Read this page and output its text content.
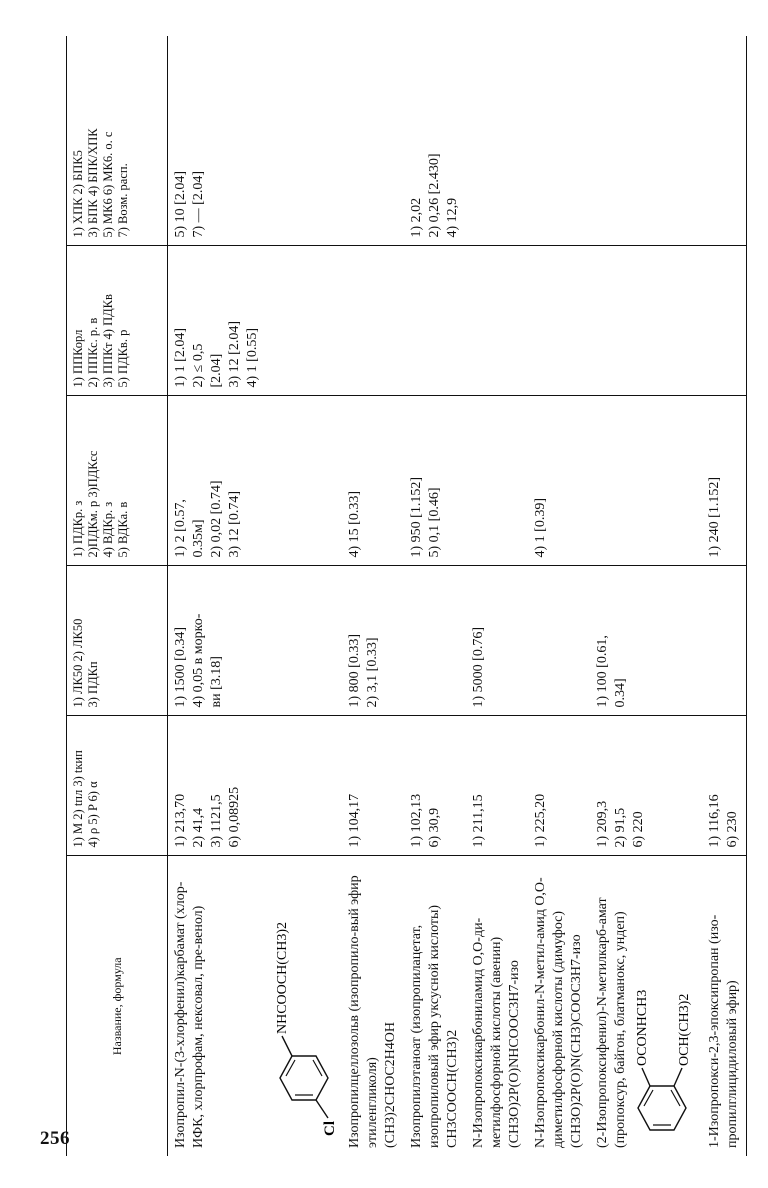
256
Название, формула	1) M 2) tпл 3) tкип 4) ρ 5) P 6) α	1) ЛК50 2) ЛК50 3) ПДКп	1) ПДКр. з 2)ПДКм. р 3)ПДКсс 4) ВДКр. з 5) ВДКа. в	1) ППКорл 2) ППКс. р. в 3) ППКт 4) ПДКв 5) ПДКв. р	1) ХПК 2) БПК5 3) БПК 4) БПК/ХПК 5) МК6 6) МК6. о. с 7) Возм. расп.

Изопропил-N-(3-хлорфенил)карбамат (хлор-ИФК, хлорпрофам, нексовал, пре-венол)	1) 213,70 2) 41,4 3) 1121,5 6) 0,08925	1) 1500 [0.34] 4) 0,05 в морко- ви [3.18]	1) 2 [0.57, 0.35м] 2) 0,02 [0.74] 3) 12 [0.74]	1) 1 [2.04] 2) ≤ 0,5 [2.04] 3) 12 [2.04] 4) 1 [0.55]	5) 10 [2.04] 7) — [2.04]

NHCOOCH(CH3)2
Cl					

Изопропилцеллозольв (изопропило-вый эфир этиленгликоля) (CH3)2CHOC2H4OH	1) 104,17	1) 800 [0.33] 2) 3,1 [0.33]	4) 15 [0.33]		

Изопропилэтаноат (изопропилацетат, изопропиловый эфир уксусной кислоты) CH3COOCH(CH3)2	1) 102,13 6) 30,9		1) 950 [1.152] 5) 0,1 [0.46]		1) 2,02 2) 0,26 [2.430] 4) 12,9

N-Изопропоксикарбониламид O,O-ди-метилфосфорной кислоты (авенин) (CH3O)2P(O)NHCOOC3H7-изо	1) 211,15	1) 5000 [0.76]			

N-Изопропоксикарбонил-N-метил-амид O,O-диметилфосфорной кислоты (димуфос) (CH3O)2P(O)N(CH3)COOC3H7-изо	1) 225,20		4) 1 [0.39]		

(2-Изопропоксифенил)-N-метилкарб-амат (пропоксур, байгон, блатманокс, ундеп) OCONHCH3 OCH(CH3)2	1) 209,3 2) 91,5 6) 220	1) 100 [0.61, 0.34]			

1-Изопропокси-2,3-эпоксипропан (изо-пропилглицидиловый эфир)	1) 116,16 6) 230		1) 240 [1.152]		
